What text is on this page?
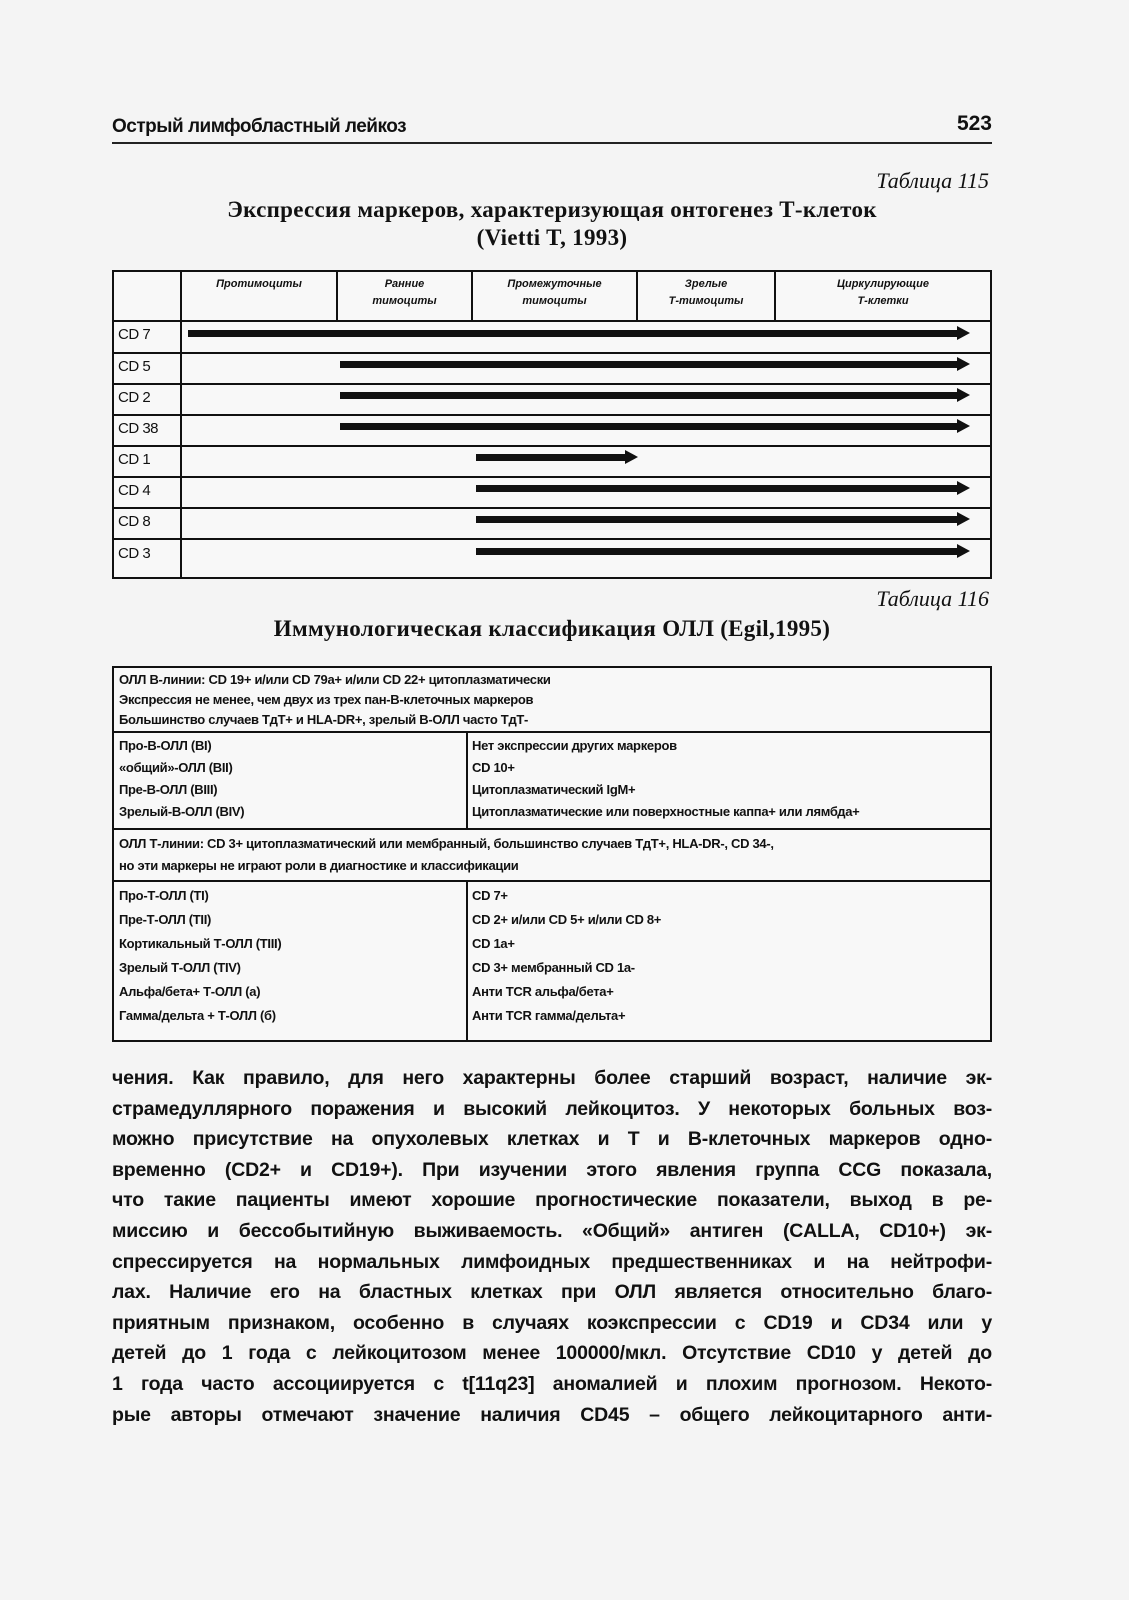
Острый лимфобластный лейкоз	523
Таблица 115
Экспрессия маркеров, характеризующая онтогенез Т-клеток
(Vietti T, 1993)
Протимоциты	Ранние
тимоциты
Промежуточные
тимоциты
Зрелые
Т-тимоциты
Циркулирующие
Т-клетки
CD 7
CD 5
CD 2
CD 38
CD 1
CD 4
CD 8
CD 3
Таблица 116
Иммунологическая классификация ОЛЛ (Egil,1995)
ОЛЛ В-линии: CD 19+ и/или CD 79a+ и/или CD 22+ цитоплазматически
Экспрессия не менее, чем двух из трех пан-В-клеточных маркеров
Большинство случаев TдТ+ и HLA-DR+, зрелый В-ОЛЛ часто TдТ-
Про-В-ОЛЛ (BI)
«общий»-ОЛЛ (BII)
Пре-В-ОЛЛ (BIII)
Зрелый-В-ОЛЛ (BIV)
Нет экспрессии других маркеров
CD 10+
Цитоплазматический IgM+
Цитоплазматические или поверхностные каппа+ или лямбда+
ОЛЛ Т-линии: CD 3+ цитоплазматический или мембранный, большинство случаев TдТ+, HLA-DR-, CD 34-,
но эти маркеры не играют роли в диагностике и классификации
Про-Т-ОЛЛ (TI)
Пре-Т-ОЛЛ (TII)
Кортикальный Т-ОЛЛ (TIII)
Зрелый Т-ОЛЛ (TIV)
Альфа/бета+ Т-ОЛЛ (a)
Гамма/дельта + Т-ОЛЛ (б)
CD 7+
CD 2+ и/или CD 5+ и/или CD 8+
CD 1a+
CD 3+ мембранный CD 1a-
Анти TCR альфа/бета+
Анти TCR гамма/дельта+
чения. Как правило, для него характерны более старший возраст, наличие эк-
страмедуллярного поражения и высокий лейкоцитоз. У некоторых больных воз-
можно присутствие на опухолевых клетках и Т и В-клеточных маркеров одно-
временно (CD2+ и CD19+). При изучении этого явления группа CCG показала,
что такие пациенты имеют хорошие прогностические показатели, выход в ре-
миссию и бессобытийную выживаемость. «Общий» антиген (CALLA, CD10+) эк-
спрессируется на нормальных лимфоидных предшественниках и на нейтрофи-
лах. Наличие его на бластных клетках при ОЛЛ является относительно благо-
приятным признаком, особенно в случаях коэкспрессии с CD19 и CD34 или у
детей до 1 года с лейкоцитозом менее 100000/мкл. Отсутствие CD10 у детей до
1 года часто ассоциируется с t[11q23] аномалией и плохим прогнозом. Некото-
рые авторы отмечают значение наличия CD45 – общего лейкоцитарного анти-
